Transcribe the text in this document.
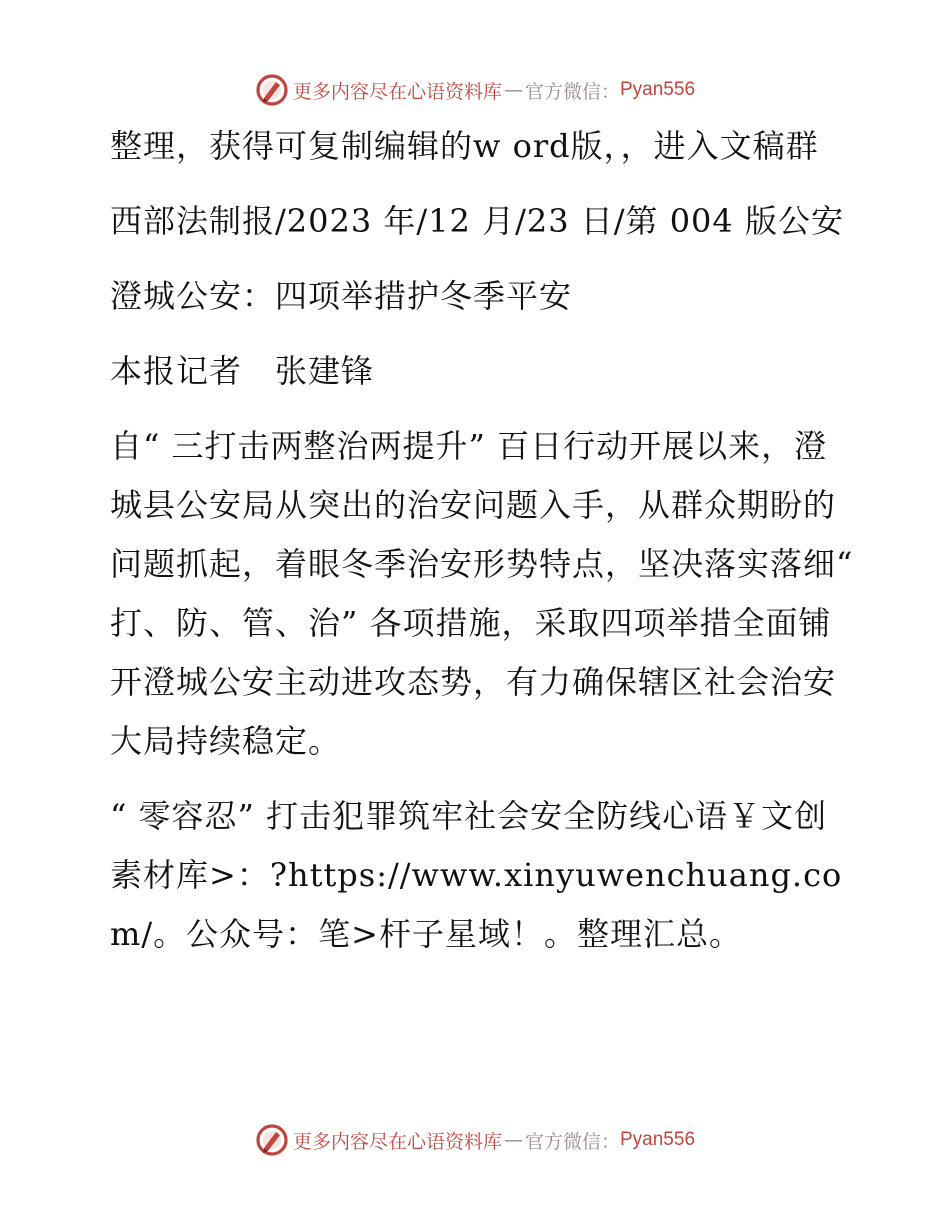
更多内容尽在心语资料库 — 官方微信： Pyan556

整理，获得可复制编辑的w ord版，，进入文稿群

西部法制报/2023 年/12 月/23 日/第 004 版公安

澄城公安：四项举措护冬季平安

本报记者　张建锋

自“ 三打击两整治两提升” 百日行动开展以来，澄城县公安局从突出的治安问题入手，从群众期盼的问题抓起，着眼冬季治安形势特点，坚决落实落细“ 打、防、管、治” 各项措施，采取四项举措全面铺开澄城公安主动进攻态势，有力确保辖区社会治安大局持续稳定。

“ 零容忍” 打击犯罪筑牢社会安全防线心语￥文创素材库>：?https://www.xinyuwenchuang.com/。公众号：笔>杆子星域！。整理汇总。

更多内容尽在心语资料库 — 官方微信： Pyan556
